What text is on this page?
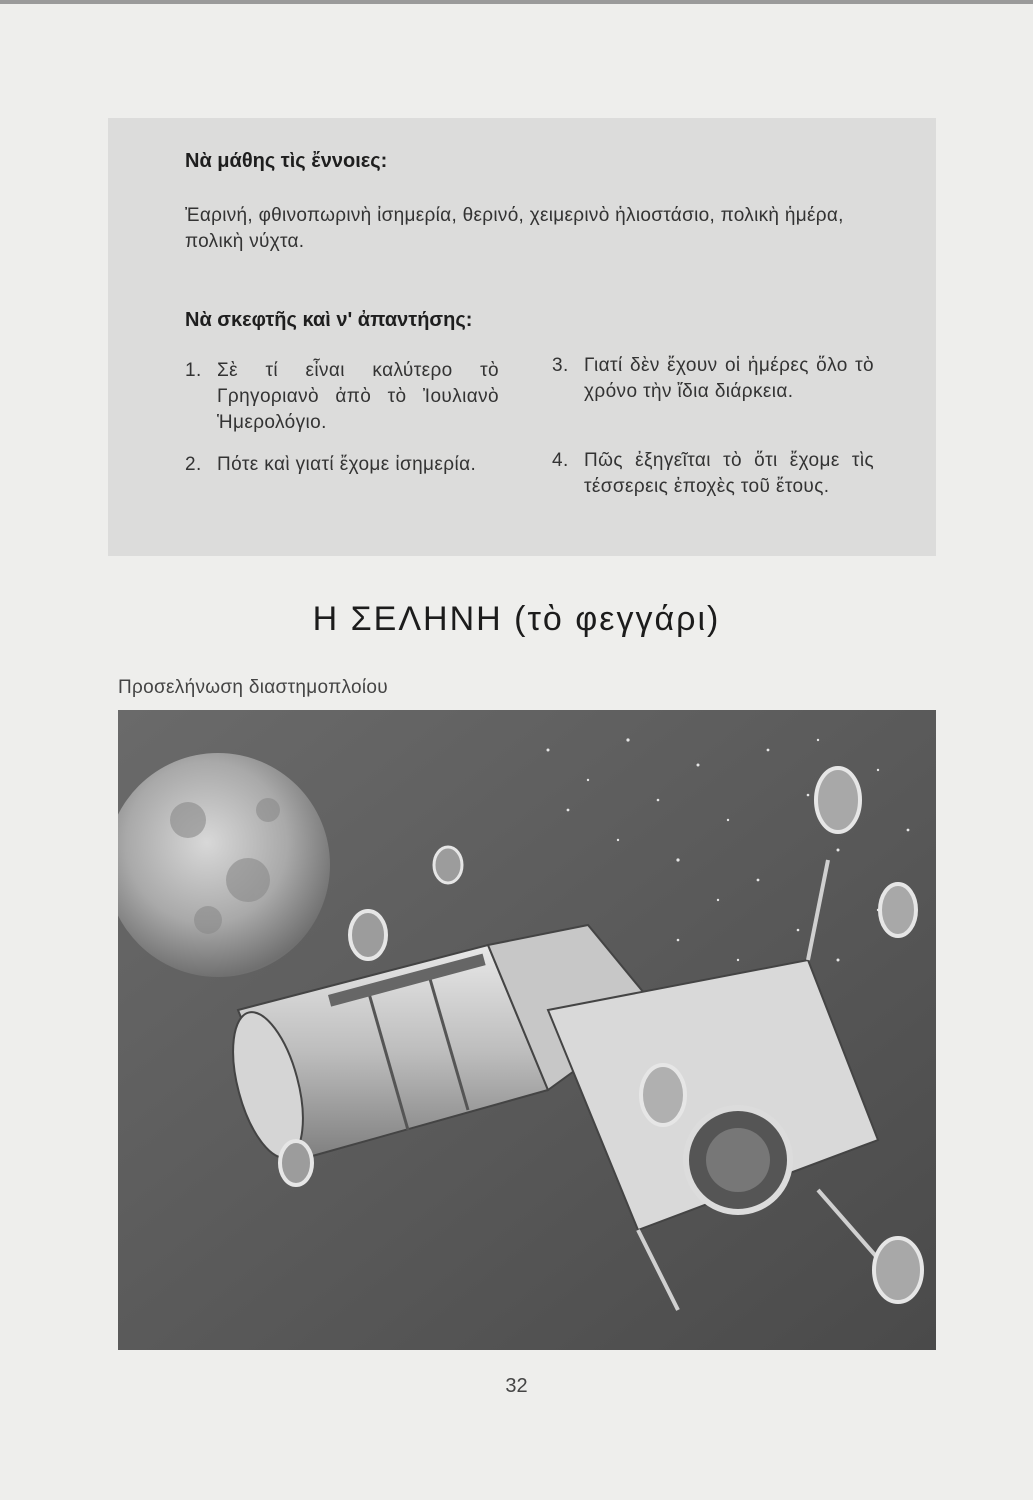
Νὰ μάθης τὶς ἔννοιες:
Ἐαρινή, φθινοπωρινὴ ἰσημερία, θερινό, χειμερινὸ ἡλιοστάσιο, πολικὴ ἡμέρα, πολικὴ νύχτα.
Νὰ σκεφτῆς καὶ ν' ἀπαντήσης:
1. Σὲ τί εἶναι καλύτερο τὸ Γρηγοριανὸ ἀπὸ τὸ Ἰουλιανὸ Ἡμερολόγιο.
2. Πότε καὶ γιατί ἔχομε ἰσημερία.
3. Γιατί δὲν ἔχουν οἱ ἡμέρες ὅλο τὸ χρόνο τὴν ἴδια διάρκεια.
4. Πῶς ἐξηγεῖται τὸ ὅτι ἔχομε τὶς τέσσερεις ἐποχὲς τοῦ ἔτους.
Η ΣΕΛΗΝΗ (τὸ φεγγάρι)
Προσελήνωση διαστημοπλοίου
32
